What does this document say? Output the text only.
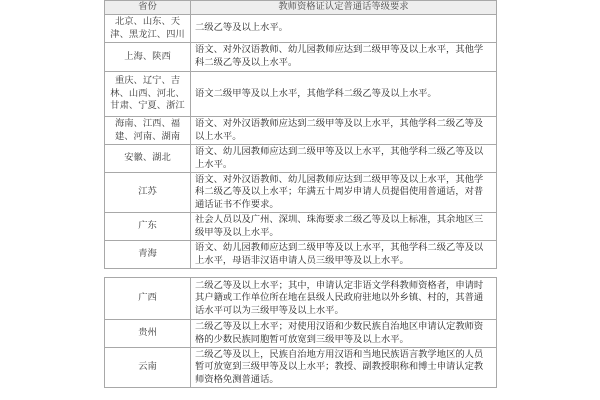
省份	教师资格证认定普通话等级要求
北京、山东、天津、黑龙江、四川	二级乙等及以上水平。
上海、陕西	语文、对外汉语教师、幼儿园教师应达到二级甲等及以上水平，其他学科二级乙等及以上水平。
重庆、辽宁、吉林、山西、河北、甘肃、宁夏、浙江	语文二级甲等及以上水平，其他学科二级乙等及以上水平。
海南、江西、福建、河南、湖南	语文、对外汉语教师应达到二级甲等及以上水平，其他学科二级乙等及以上水平。
安徽、湖北	语文、幼儿园教师应达到二级甲等及以上水平，其他学科二级乙等及以上水平。
江苏	语文、对外汉语教师、幼儿园教师应达到二级甲等及以上水平，其他学科二级乙等及以上水平；年满五十周岁申请人员提倡使用普通话，对普通话证书不作要求。
广东	社会人员以及广州、深圳、珠海要求二级乙等及以上标准，其余地区三级甲等及以上水平。
青海	语文、幼儿园教师应达到二级甲等及以上水平，其他学科二级乙等及以上水平，母语非汉语申请人员三级甲等及以上水平。

广西	二级乙等及以上水平；其中，申请认定非语文学科教师资格者，申请时其户籍或工作单位所在地在县级人民政府驻地以外乡镇、村的，其普通话水平可以为三级甲等及以上水平。
贵州	二级乙等及以上水平；对使用汉语和少数民族自治地区申请认定教师资格的少数民族同胞暂可放宽到三级甲等及以上水平。
云南	二级乙等及以上，民族自治地方用汉语和当地民族语言教学地区的人员暂可放宽到三级甲等及以上水平；教授、副教授职称和博士申请认定教师资格免测普通话。
